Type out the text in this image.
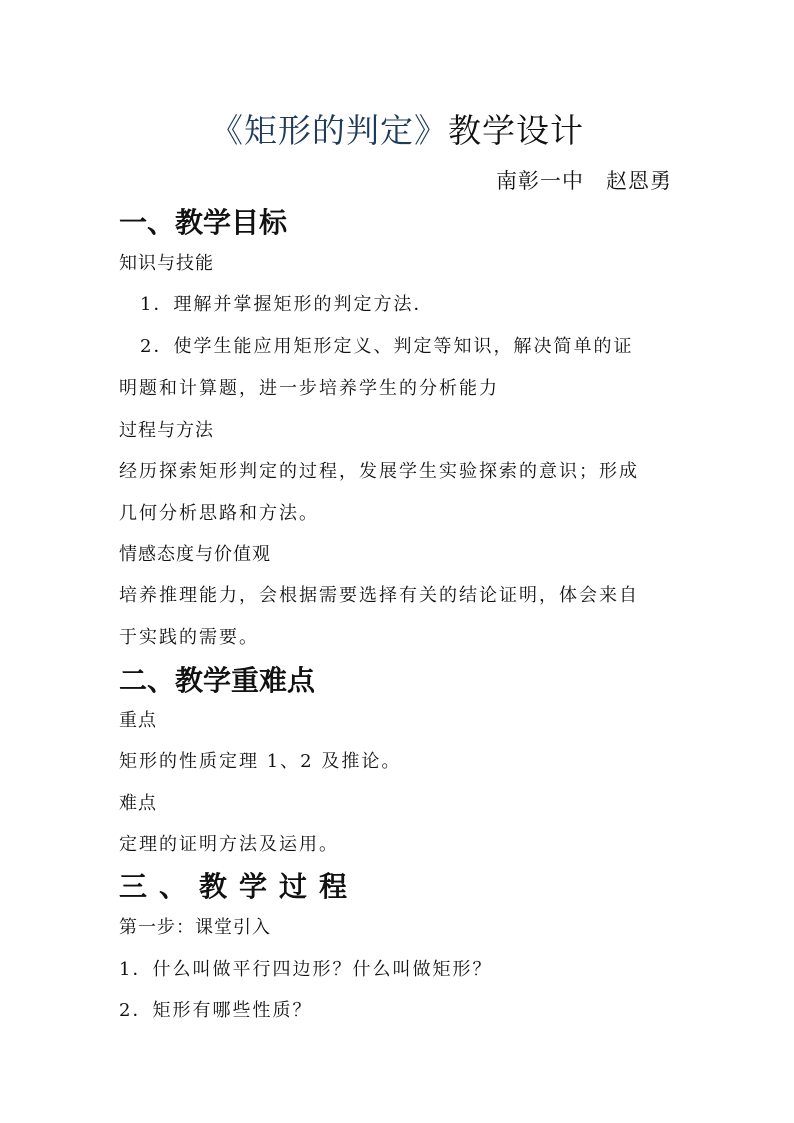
《矩形的判定》教学设计
南彰一中　赵恩勇
一、教学目标
知识与技能
1．理解并掌握矩形的判定方法．
2．使学生能应用矩形定义、判定等知识，解决简单的证
明题和计算题，进一步培养学生的分析能力
过程与方法
经历探索矩形判定的过程，发展学生实验探索的意识；形成
几何分析思路和方法。
情感态度与价值观
培养推理能力，会根据需要选择有关的结论证明，体会来自
于实践的需要。
二、教学重难点
重点
矩形的性质定理 1、2 及推论。
难点
定理的证明方法及运用。
三、教学过程
第一步：课堂引入
1．什么叫做平行四边形？什么叫做矩形？
2．矩形有哪些性质？
